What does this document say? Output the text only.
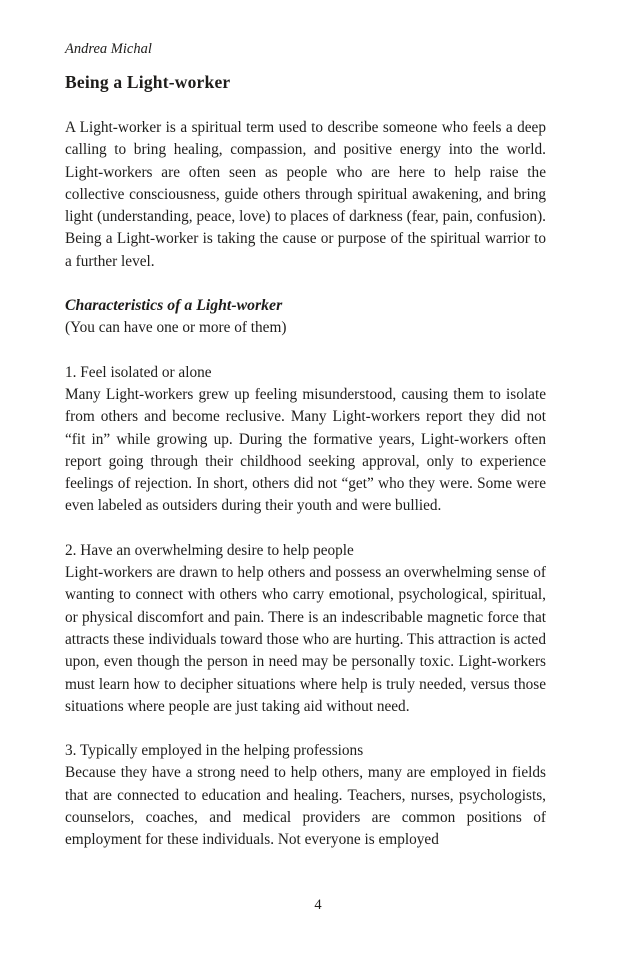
Andrea Michal
Being a Light-worker

A Light-worker is a spiritual term used to describe someone who feels a deep calling to bring healing, compassion, and positive energy into the world. Light-workers are often seen as people who are here to help raise the collective consciousness, guide others through spiritual awakening, and bring light (understanding, peace, love) to places of darkness (fear, pain, confusion). Being a Light-worker is taking the cause or purpose of the spiritual warrior to a further level.

Characteristics of a Light-worker
(You can have one or more of them)
1. Feel isolated or alone

Many Light-workers grew up feeling misunderstood, causing them to isolate from others and become reclusive. Many Light-workers report they did not “fit in” while growing up. During the formative years, Light-workers often report going through their childhood seeking approval, only to experience feelings of rejection. In short, others did not “get” who they were. Some were even labeled as outsiders during their youth and were bullied.

2. Have an overwhelming desire to help people

Light-workers are drawn to help others and possess an overwhelming sense of wanting to connect with others who carry emotional, psychological, spiritual, or physical discomfort and pain. There is an indescribable magnetic force that attracts these individuals toward those who are hurting. This attraction is acted upon, even though the person in need may be personally toxic. Light-workers must learn how to decipher situations where help is truly needed, versus those situations where people are just taking aid without need.

3. Typically employed in the helping professions

Because they have a strong need to help others, many are employed in fields that are connected to education and healing. Teachers, nurses, psychologists, counselors, coaches, and medical providers are common positions of employment for these individuals. Not everyone is employed

4
